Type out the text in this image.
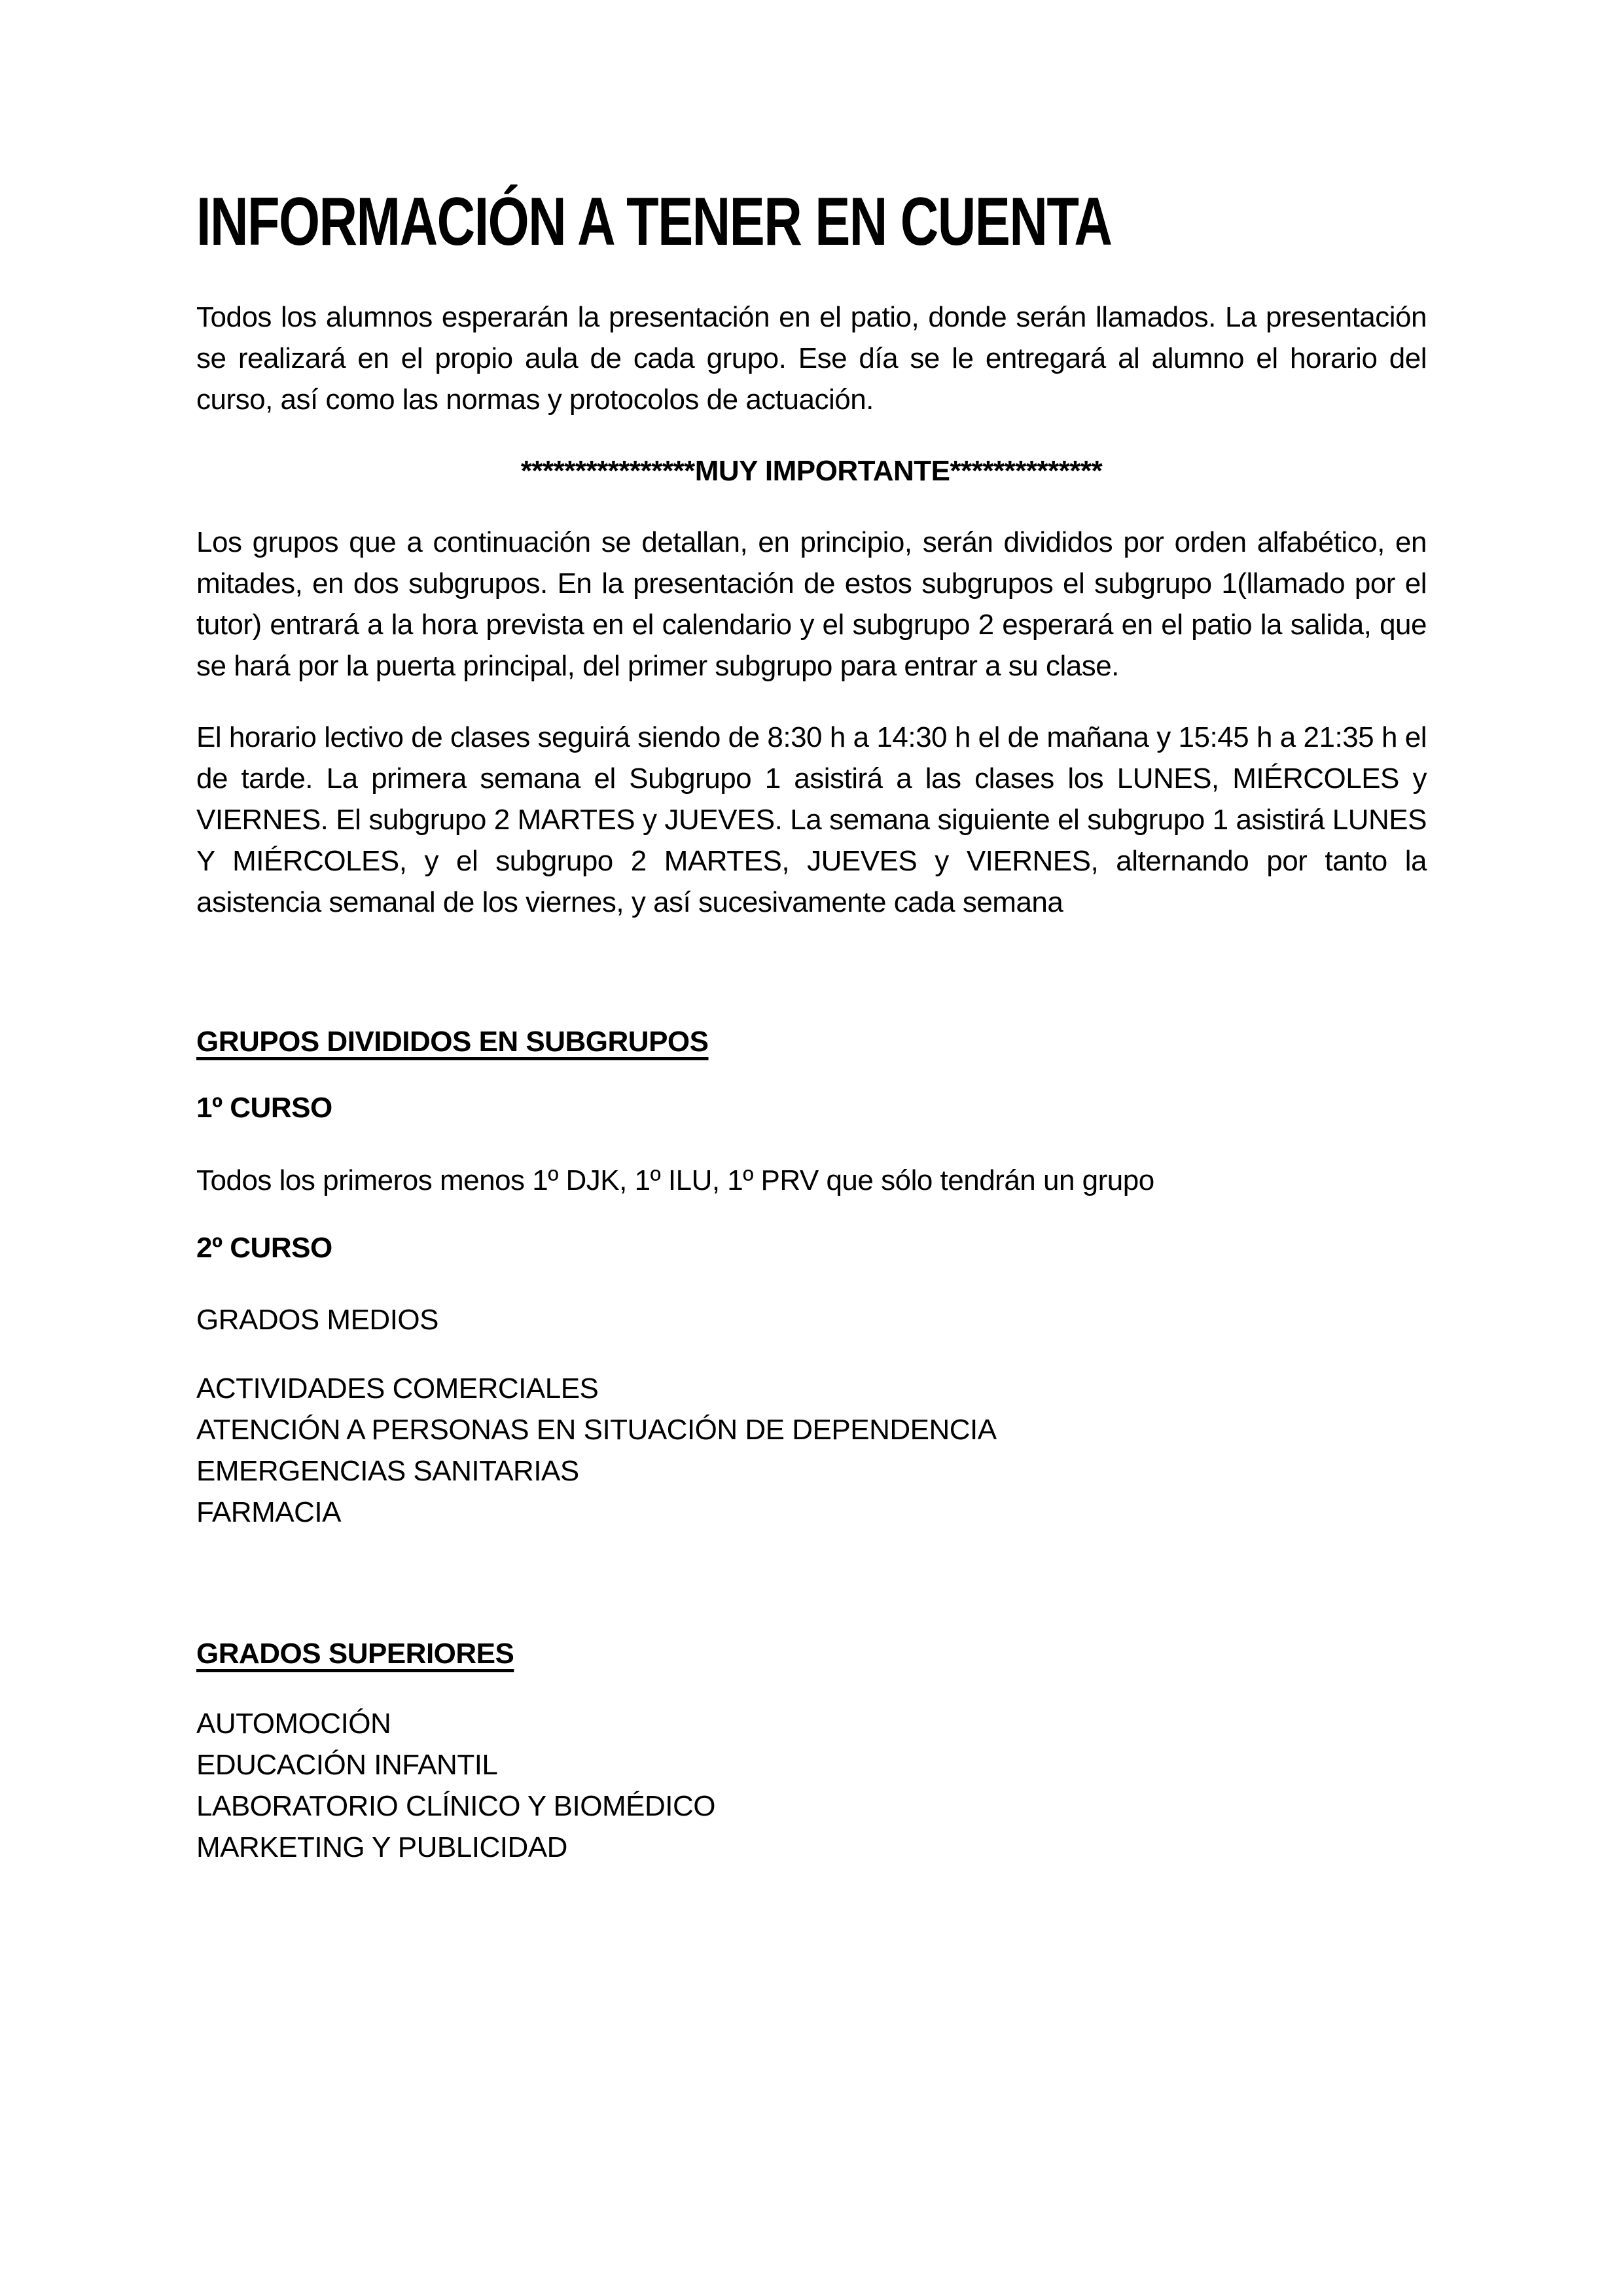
INFORMACIÓN A TENER EN CUENTA

Todos los alumnos esperarán la presentación en el patio, donde serán llamados. La presentación se realizará en el propio aula de cada grupo. Ese día se le entregará al alumno el horario del curso, así como las normas y protocolos de actuación.

****************MUY IMPORTANTE**************

Los grupos que a continuación se detallan, en principio, serán divididos por orden alfabético, en mitades, en dos subgrupos. En la presentación de estos subgrupos el subgrupo 1(llamado por el tutor) entrará a la hora prevista en el calendario y el subgrupo 2 esperará en el patio la salida, que se hará por la puerta principal, del primer subgrupo para entrar a su clase.

El horario lectivo de clases seguirá siendo de 8:30 h a 14:30 h el de mañana y 15:45 h a 21:35 h el de tarde. La primera semana el Subgrupo 1 asistirá a las clases los LUNES, MIÉRCOLES y VIERNES. El subgrupo 2 MARTES y JUEVES. La semana siguiente el subgrupo 1 asistirá LUNES Y MIÉRCOLES, y el subgrupo 2 MARTES, JUEVES y VIERNES, alternando por tanto la asistencia semanal de los viernes, y así sucesivamente cada semana

GRUPOS DIVIDIDOS EN SUBGRUPOS

1º CURSO

Todos los primeros menos 1º DJK, 1º ILU, 1º PRV que sólo tendrán un grupo

2º CURSO

GRADOS MEDIOS

ACTIVIDADES COMERCIALES
ATENCIÓN A PERSONAS EN SITUACIÓN DE DEPENDENCIA
EMERGENCIAS SANITARIAS
FARMACIA

GRADOS SUPERIORES

AUTOMOCIÓN
EDUCACIÓN INFANTIL
LABORATORIO CLÍNICO Y BIOMÉDICO
MARKETING Y PUBLICIDAD
